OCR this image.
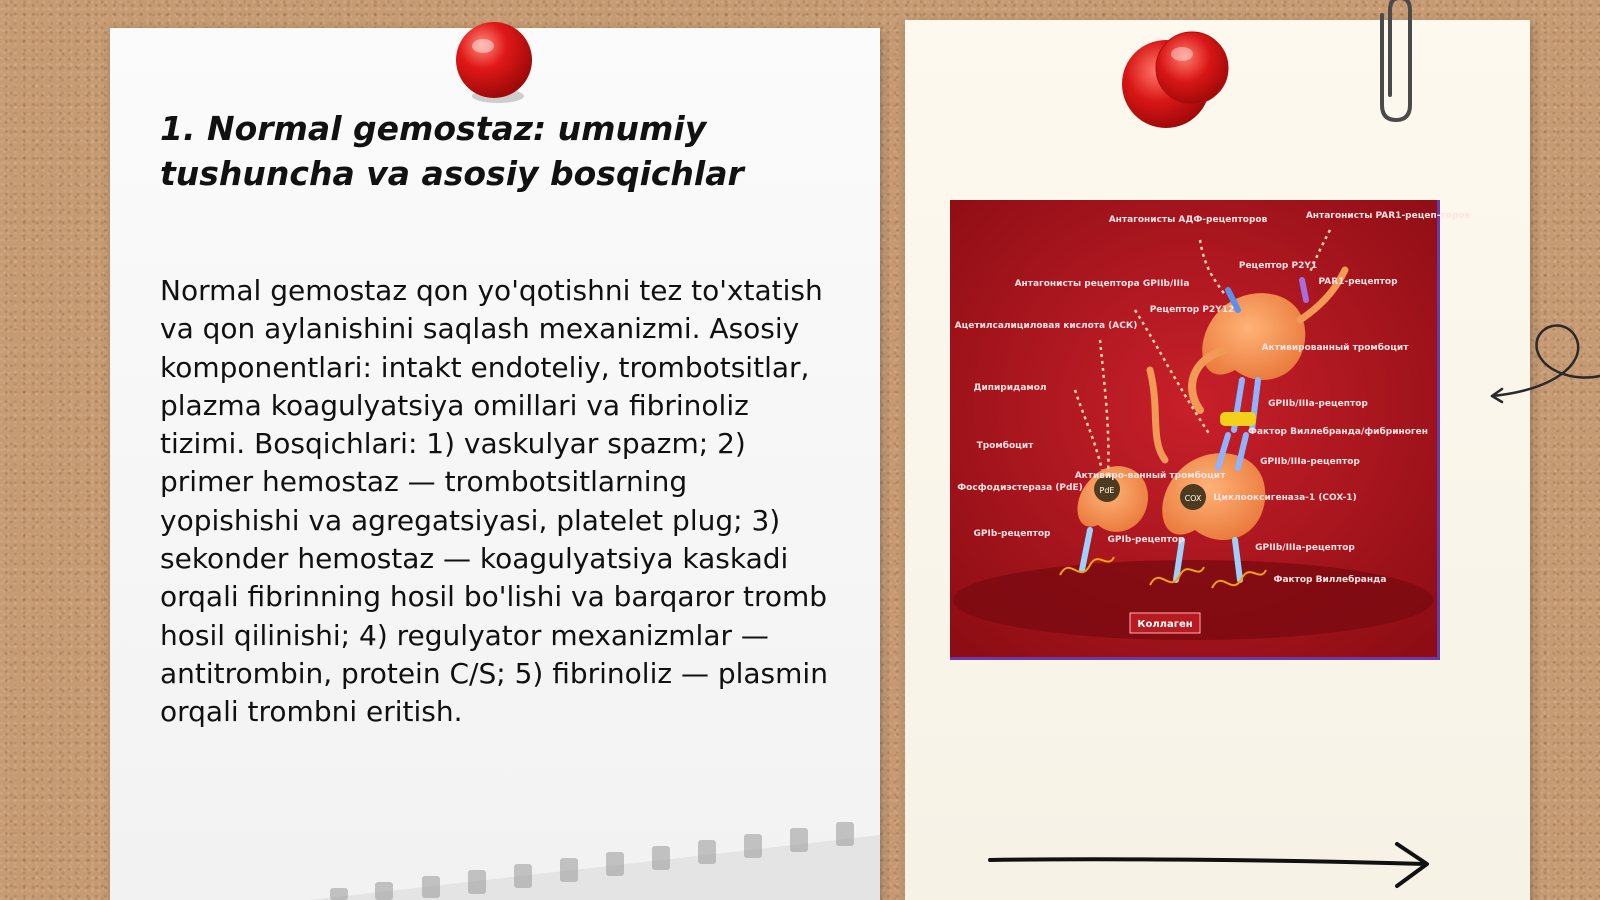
1. Normal gemostaz: umumiy tushuncha va asosiy bosqichlar

Normal gemostaz qon yo'qotishni tez to'xtatish va qon aylanishini saqlash mexanizmi. Asosiy komponentlari: intakt endoteliy, trombotsitlar, plazma koagulyatsiya omillari va fibrinoliz tizimi. Bosqichlari: 1) vaskulyar spazm; 2) primer hemostaz — trombotsitlarning yopishishi va agregatsiyasi, platelet plug; 3) sekonder hemostaz — koagulyatsiya kaskadi orqali fibrinning hosil bo'lishi va barqaror tromb hosil qilinishi; 4) regulyator mexanizmlar — antitrombin, protein C/S; 5) fibrinoliz — plasmin orqali trombni eritish.

PdE
COX
Антагонисты АДФ-рецепторов	Антагонисты PAR1-рецеп-торов
Рецептор P2Y1
PAR1-рецептор
Антагонисты рецептора GPIIb/IIIa
Рецептор P2Y12
Ацетилсалициловая кислота (АСК)
Активированный тромбоцит
Дипиридамол
GPIIb/IIIa-рецептор
Фактор Виллебранда/фибриноген
Тромбоцит
GPIIb/IIIa-рецептор
Фосфодиэстераза (PdE)
Активиро-ванный тромбоцит
Циклооксигеназа-1 (COX-1)
GPIb-рецептор
GPIb-рецептор
GPIIb/IIIa-рецептор
Фактор Виллебранда
Коллаген
